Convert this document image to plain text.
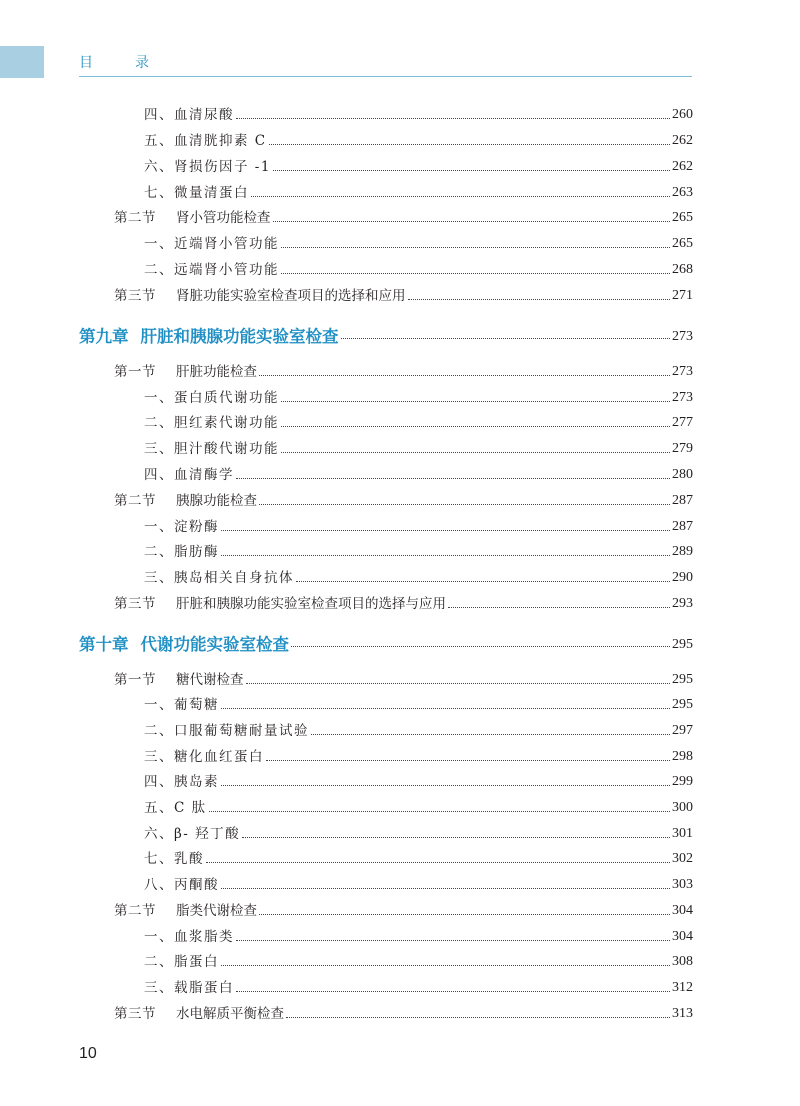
目　录
四、血清尿酸	260
五、血清胱抑素 C	262
六、肾损伤因子 -1	262
七、微量清蛋白	263
第二节 肾小管功能检查	265
一、近端肾小管功能	265
二、远端肾小管功能	268
第三节 肾脏功能实验室检查项目的选择和应用	271
第九章 肝脏和胰腺功能实验室检查	273
第一节 肝脏功能检查	273
一、蛋白质代谢功能	273
二、胆红素代谢功能	277
三、胆汁酸代谢功能	279
四、血清酶学	280
第二节 胰腺功能检查	287
一、淀粉酶	287
二、脂肪酶	289
三、胰岛相关自身抗体	290
第三节 肝脏和胰腺功能实验室检查项目的选择与应用	293
第十章 代谢功能实验室检查	295
第一节 糖代谢检查	295
一、葡萄糖	295
二、口服葡萄糖耐量试验	297
三、糖化血红蛋白	298
四、胰岛素	299
五、C 肽	300
六、β- 羟丁酸	301
七、乳酸	302
八、丙酮酸	303
第二节 脂类代谢检查	304
一、血浆脂类	304
二、脂蛋白	308
三、载脂蛋白	312
第三节 水电解质平衡检查	313
10
